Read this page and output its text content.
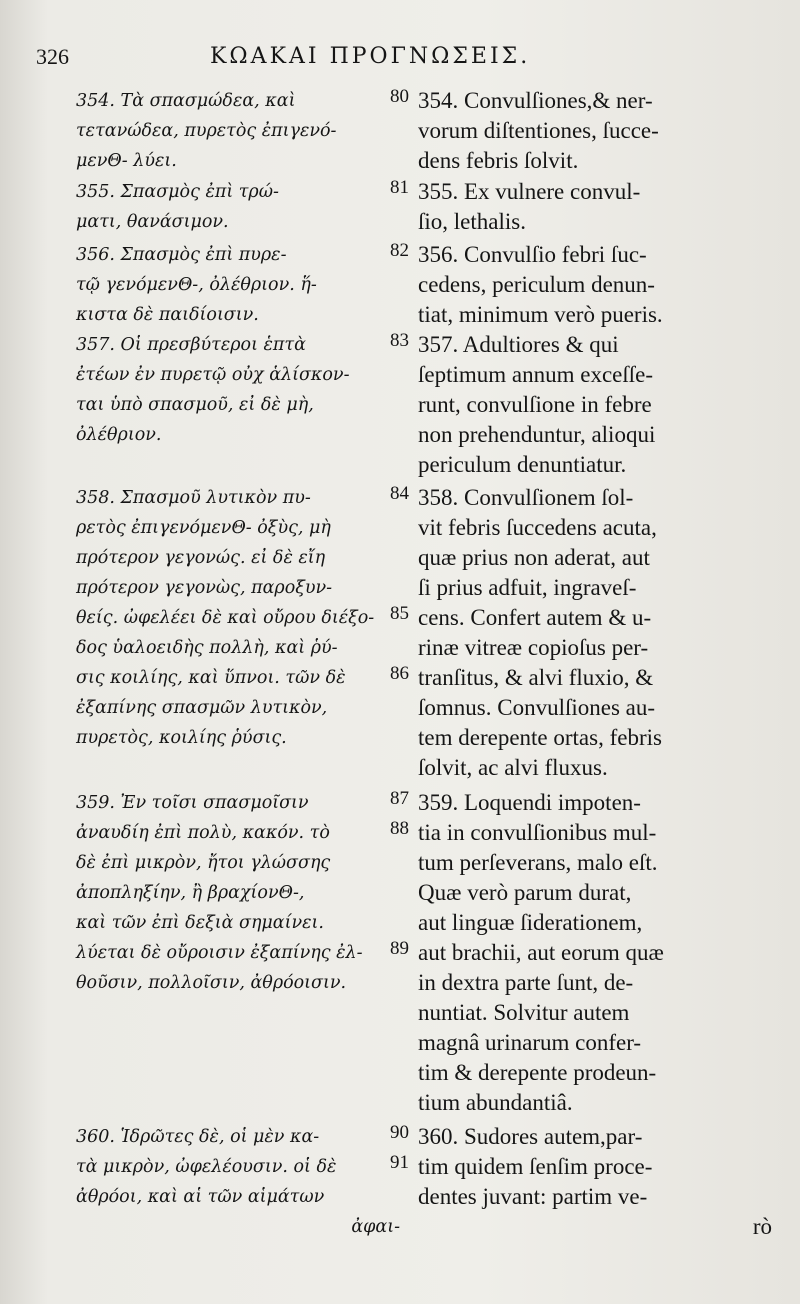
326	ΚΩΑΚΑΙ ΠΡΟΓΝΩΣΕΙΣ.
354. Τὰ σπασμώδεα, καὶ
τετανώδεα, πυρετὸς ἐπιγενό-
μενΘ- λύει.
80 354. Convulſiones,& ner-
vorum diſtentiones, ſucce-
dens febris ſolvit.
355. Σπασμὸς ἐπὶ τρώ-
ματι, θανάσιμον.
81 355. Ex vulnere convul-
ſio, lethalis.
356. Σπασμὸς ἐπὶ πυρε-
τῷ γενόμενΘ-, ὀλέθριον. ἥ-
κιστα δὲ παιδίοισιν.
82 356. Convulſio febri ſuc-
cedens, periculum denun-
tiat, minimum verò pueris.
357. Οἱ πρεσβύτεροι ἑπτὰ
ἐτέων ἐν πυρετῷ οὐχ ἁλίσκον-
ται ὑπὸ σπασμοῦ, εἰ δὲ μὴ,
ὀλέθριον.
83 357. Adultiores & qui
ſeptimum annum exceſſe-
runt, convulſione in febre
non prehenduntur, alioqui
periculum denuntiatur.
358. Σπασμοῦ λυτικὸν πυ-
ρετὸς ἐπιγενόμενΘ- ὀξὺς, μὴ
πρότερον γεγονώς. εἰ δὲ εἴη
πρότερον γεγονὼς, παροξυν-
θείς. ὠφελέει δὲ καὶ οὔρου διέξο-
δος ὑαλοειδὴς πολλὴ, καὶ ῥύ-
σις κοιλίης, καὶ ὕπνοι. τῶν δὲ
ἐξαπίνης σπασμῶν λυτικὸν,
πυρετὸς, κοιλίης ῥύσις.
84
85
86
358. Convulſionem ſol-
vit febris ſuccedens acuta,
quæ prius non aderat, aut
ſi prius adfuit, ingraveſ-
cens. Confert autem & u-
rinæ vitreæ copioſus per-
tranſitus, & alvi fluxio, &
ſomnus. Convulſiones au-
tem derepente ortas, febris
ſolvit, ac alvi fluxus.
359. Ἐν τοῖσι σπασμοῖσιν
ἀναυδίη ἐπὶ πολὺ, κακόν. τὸ
δὲ ἐπὶ μικρὸν, ἤτοι γλώσσης
ἀποπληξίην, ἢ βραχίονΘ-,
καὶ τῶν ἐπὶ δεξιὰ σημαίνει.
λύεται δὲ οὔροισιν ἐξαπίνης ἐλ-
θοῦσιν, πολλοῖσιν, ἀθρόοισιν.
87
88
89
359. Loquendi impoten-
tia in convulſionibus mul-
tum perſeverans, malo eſt.
Quæ verò parum durat,
aut linguæ ſiderationem,
aut brachii, aut eorum quæ
in dextra parte ſunt, de-
nuntiat. Solvitur autem
magnâ urinarum confer-
tim & derepente prodeun-
tium abundantiâ.
360. Ἱδρῶτες δὲ, οἱ μὲν κα-
τὰ μικρὸν, ὠφελέουσιν. οἱ δὲ
ἀθρόοι, καὶ αἱ τῶν αἱμάτων
ἀφαι-
90
91
360. Sudores autem,par-
tim quidem ſenſim proce-
dentes juvant: partim ve-
rò
